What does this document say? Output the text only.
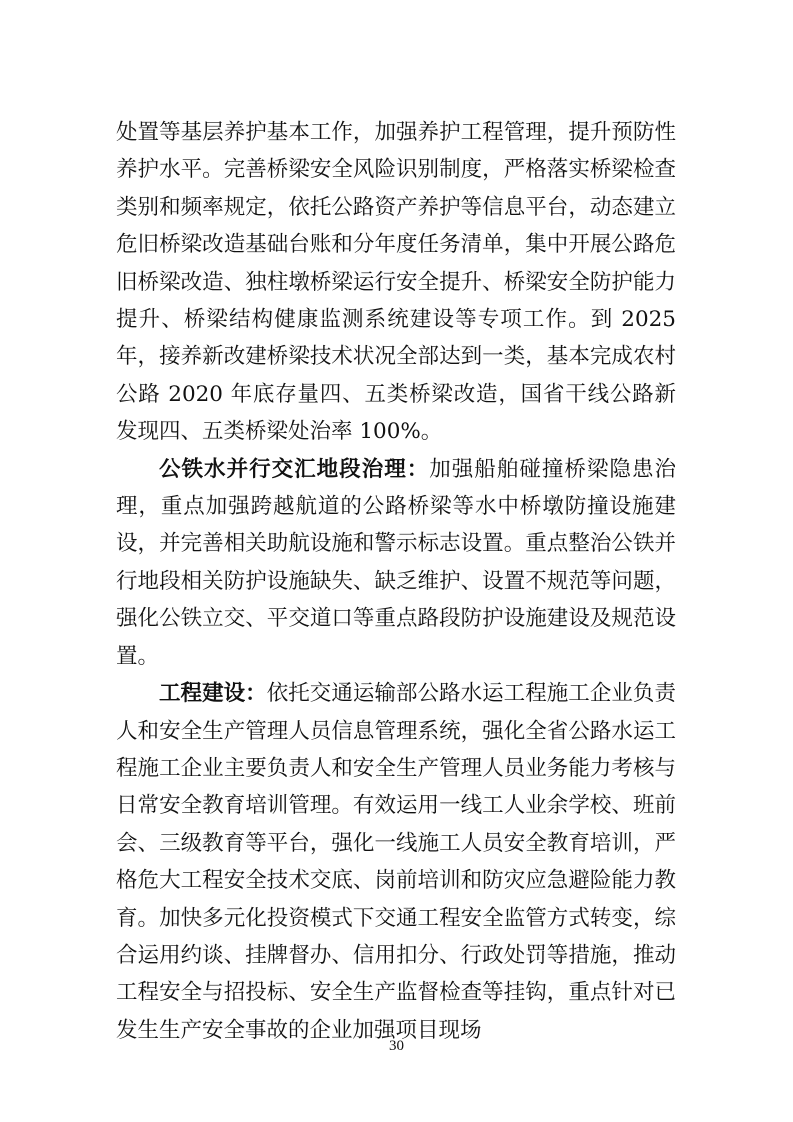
处置等基层养护基本工作，加强养护工程管理，提升预防性养护水平。完善桥梁安全风险识别制度，严格落实桥梁检查类别和频率规定，依托公路资产养护等信息平台，动态建立危旧桥梁改造基础台账和分年度任务清单，集中开展公路危旧桥梁改造、独柱墩桥梁运行安全提升、桥梁安全防护能力提升、桥梁结构健康监测系统建设等专项工作。到 2025 年，接养新改建桥梁技术状况全部达到一类，基本完成农村公路 2020 年底存量四、五类桥梁改造，国省干线公路新发现四、五类桥梁处治率 100%。

公铁水并行交汇地段治理：加强船舶碰撞桥梁隐患治理，重点加强跨越航道的公路桥梁等水中桥墩防撞设施建设，并完善相关助航设施和警示标志设置。重点整治公铁并行地段相关防护设施缺失、缺乏维护、设置不规范等问题，强化公铁立交、平交道口等重点路段防护设施建设及规范设置。

工程建设：依托交通运输部公路水运工程施工企业负责人和安全生产管理人员信息管理系统，强化全省公路水运工程施工企业主要负责人和安全生产管理人员业务能力考核与日常安全教育培训管理。有效运用一线工人业余学校、班前会、三级教育等平台，强化一线施工人员安全教育培训，严格危大工程安全技术交底、岗前培训和防灾应急避险能力教育。加快多元化投资模式下交通工程安全监管方式转变，综合运用约谈、挂牌督办、信用扣分、行政处罚等措施，推动工程安全与招投标、安全生产监督检查等挂钩，重点针对已发生生产安全事故的企业加强项目现场

30
